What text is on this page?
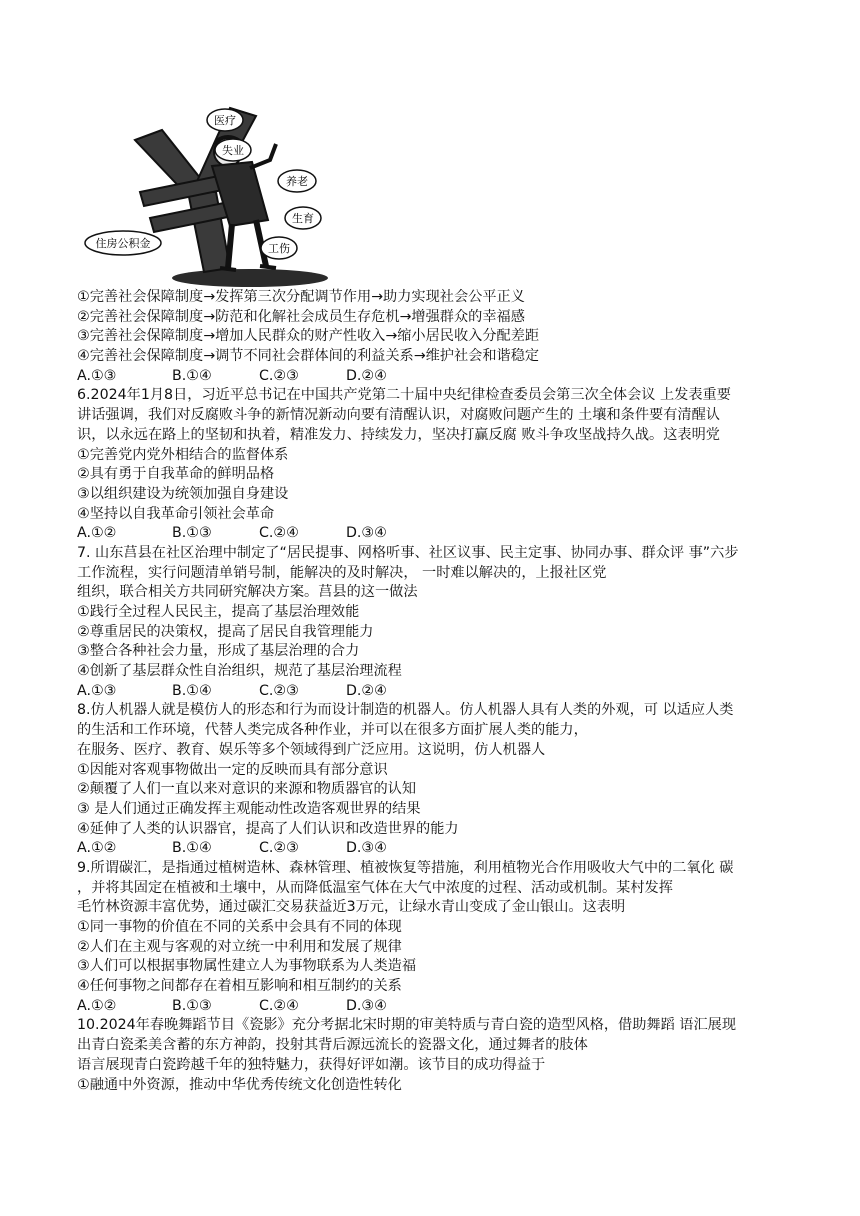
医疗
失业
养老
生育
工伤
住房公积金
①完善社会保障制度→发挥第三次分配调节作用→助力实现社会公平正义
②完善社会保障制度→防范和化解社会成员生存危机→增强群众的幸福感
③完善社会保障制度→增加人民群众的财产性收入→缩小居民收入分配差距
④完善社会保障制度→调节不同社会群体间的利益关系→维护社会和谐稳定
A.①③	B.①④	C.②③	D.②④
6.2024年1月8日，习近平总书记在中国共产党第二十届中央纪律检查委员会第三次全体会议 上发表重要
讲话强调，我们对反腐败斗争的新情况新动向要有清醒认识，对腐败问题产生的 土壤和条件要有清醒认
识，以永远在路上的坚韧和执着，精准发力、持续发力，坚决打赢反腐 败斗争攻坚战持久战。这表明党
①完善党内党外相结合的监督体系
②具有勇于自我革命的鲜明品格
③以组织建设为统领加强自身建设
④坚持以自我革命引领社会革命
A.①②	B.①③	C.②④	D.③④
7. 山东莒县在社区治理中制定了“居民提事、网格听事、社区议事、民主定事、协同办事、群众评 事”六步
工作流程，实行问题清单销号制，能解决的及时解决， 一时难以解决的，上报社区党
组织，联合相关方共同研究解决方案。莒县的这一做法
①践行全过程人民民主，提高了基层治理效能
②尊重居民的决策权，提高了居民自我管理能力
③整合各种社会力量，形成了基层治理的合力
④创新了基层群众性自治组织，规范了基层治理流程
A.①③	B.①④	C.②③	D.②④
8.仿人机器人就是模仿人的形态和行为而设计制造的机器人。仿人机器人具有人类的外观，可 以适应人类
的生活和工作环境，代替人类完成各种作业，并可以在很多方面扩展人类的能力，
在服务、医疗、教育、娱乐等多个领域得到广泛应用。这说明，仿人机器人
①因能对客观事物做出一定的反映而具有部分意识
②颠覆了人们一直以来对意识的来源和物质器官的认知
③ 是人们通过正确发挥主观能动性改造客观世界的结果
④延伸了人类的认识器官，提高了人们认识和改造世界的能力
A.①②	B.①④	C.②③	D.③④
9.所谓碳汇，是指通过植树造林、森林管理、植被恢复等措施，利用植物光合作用吸收大气中的二氧化 碳
，并将其固定在植被和土壤中，从而降低温室气体在大气中浓度的过程、活动或机制。某村发挥
毛竹林资源丰富优势，通过碳汇交易获益近3万元，让绿水青山变成了金山银山。这表明
①同一事物的价值在不同的关系中会具有不同的体现
②人们在主观与客观的对立统一中利用和发展了规律
③人们可以根据事物属性建立人为事物联系为人类造福
④任何事物之间都存在着相互影响和相互制约的关系
A.①②	B.①③	C.②④	D.③④
10.2024年春晚舞蹈节目《瓷影》充分考据北宋时期的审美特质与青白瓷的造型风格，借助舞蹈 语汇展现
出青白瓷柔美含蓄的东方神韵，投射其背后源远流长的瓷器文化，通过舞者的肢体
语言展现青白瓷跨越千年的独特魅力，获得好评如潮。该节目的成功得益于
①融通中外资源，推动中华优秀传统文化创造性转化
